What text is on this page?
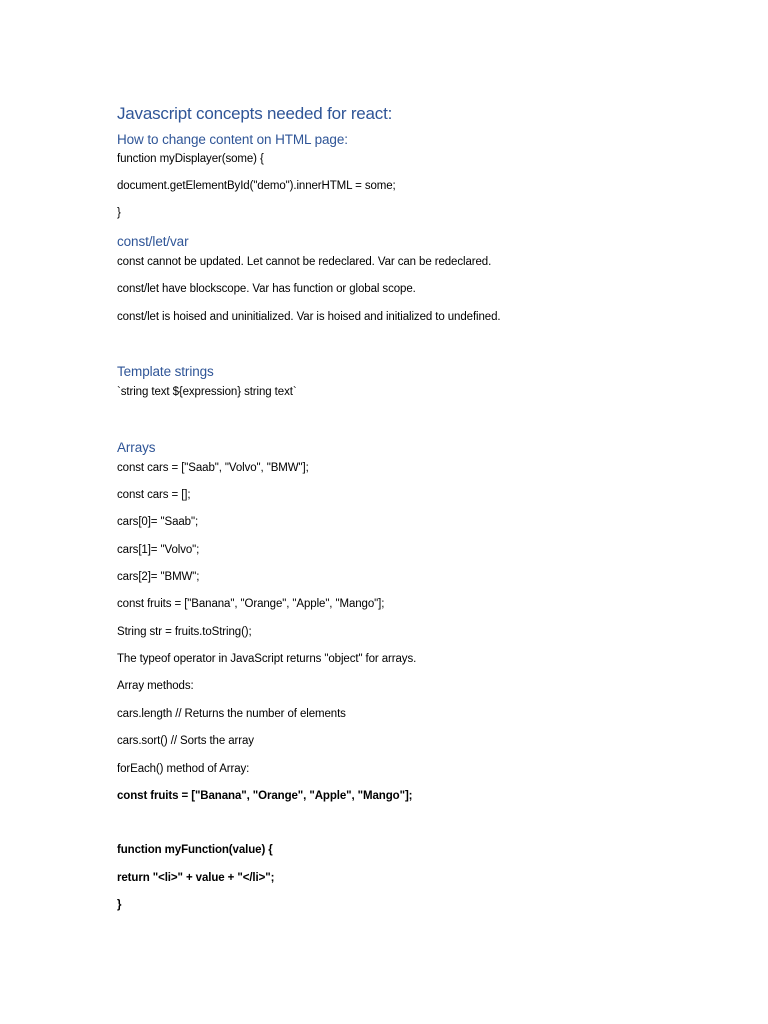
Javascript concepts needed for react:
How to change content on HTML page:
function myDisplayer(some) {
document.getElementById("demo").innerHTML = some;
}
const/let/var
const cannot be updated. Let cannot be redeclared. Var can be redeclared.
const/let have blockscope. Var has function or global scope.
const/let is hoised and uninitialized. Var is hoised and initialized to undefined.
Template strings
`string text ${expression} string text`
Arrays
const cars = ["Saab", "Volvo", "BMW"];
const cars = [];
cars[0]= "Saab";
cars[1]= "Volvo";
cars[2]= "BMW";
const fruits = ["Banana", "Orange", "Apple", "Mango"];
String str = fruits.toString();
The typeof operator in JavaScript returns "object" for arrays.
Array methods:
cars.length // Returns the number of elements
cars.sort() // Sorts the array
forEach() method of Array:
const fruits = ["Banana", "Orange", "Apple", "Mango"];
function myFunction(value) {
return "<li>" + value + "</li>";
}
